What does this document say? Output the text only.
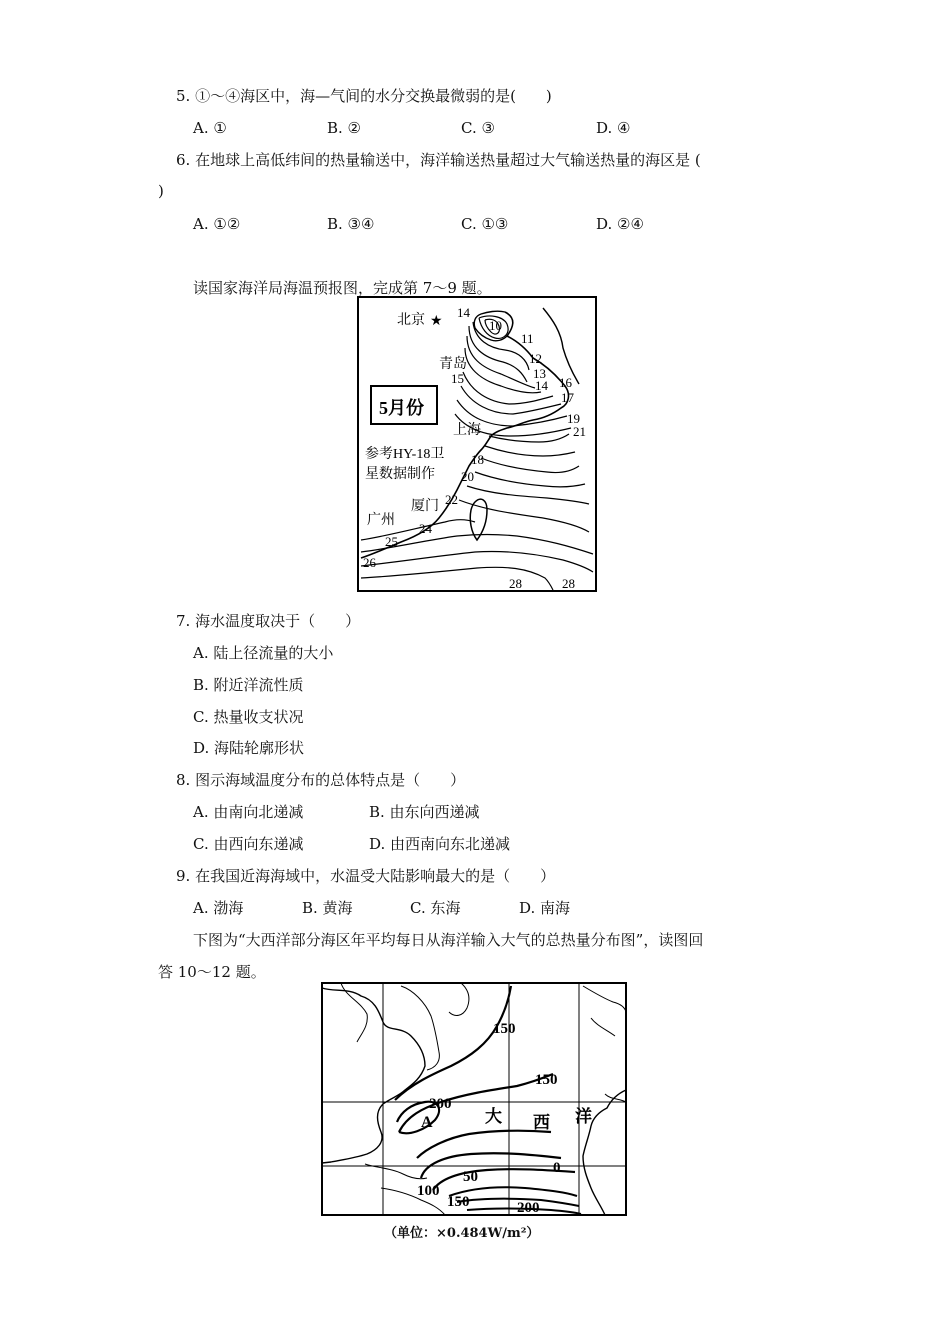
5. ①～④海区中，海—气间的水分交换最微弱的是(　　)
A. ①	B. ②	C. ③	D. ④
6. 在地球上高低纬间的热量输送中，海洋输送热量超过大气输送热量的海区是 (
)
A. ①②	B. ③④	C. ①③	D. ②④
读国家海洋局海温预报图，完成第 7～9 题。
北京 ★
青岛
上海
厦门
广州
5月份
参考HY-18卫
星数据制作
14
10
11
12
13
14
15	16
17
19
21
18
20
22
24
25
26
28	28
7. 海水温度取决于（　　）
A. 陆上径流量的大小
B. 附近洋流性质
C. 热量收支状况
D. 海陆轮廓形状
8. 图示海域温度分布的总体特点是（　　）
A. 由南向北递减	B. 由东向西递减
C. 由西向东递减	D. 由西南向东北递减
9. 在我国近海海域中，水温受大陆影响最大的是（　　）
A. 渤海	B. 黄海	C. 东海	D. 南海
下图为“大西洋部分海区年平均每日从海洋输入大气的总热量分布图”，读图回
答 10～12 题。
150
150
200
0
50
100
150	200
A	大 西 洋
（单位：×0.484W/m²）
